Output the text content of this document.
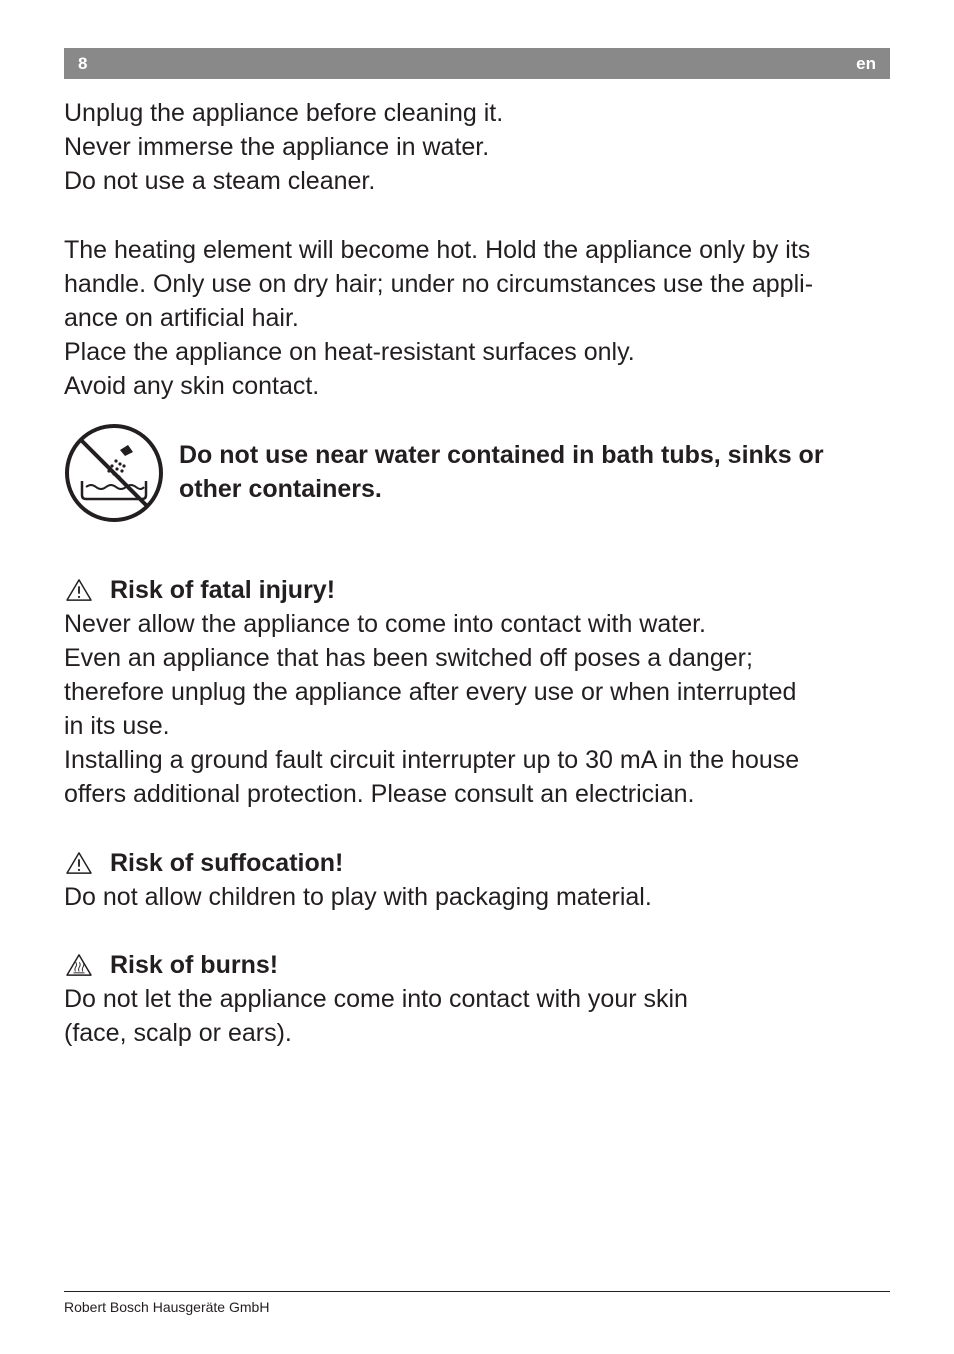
8	en

Unplug the appliance before cleaning it.

Never immerse the appliance in water.

Do not use a steam cleaner.

The heating element will become hot. Hold the appliance only by its

handle. Only use on dry hair; under no circumstances use the appli-

ance on artificial hair.

Place the appliance on heat-resistant surfaces only.

Avoid any skin contact.

Do not use near water contained in bath tubs, sinks or

other containers.

Risk of fatal injury!

Never allow the appliance to come into contact with water.

Even an appliance that has been switched off poses a danger;

therefore unplug the appliance after every use or when interrupted

in its use.

Installing a ground fault circuit interrupter up to 30 mA in the house

offers additional protection. Please consult an electrician.

Risk of suffocation!

Do not allow children to play with packaging material.

Risk of burns!

Do not let the appliance come into contact with your skin

(face, scalp or ears).

Robert Bosch Hausgeräte GmbH
